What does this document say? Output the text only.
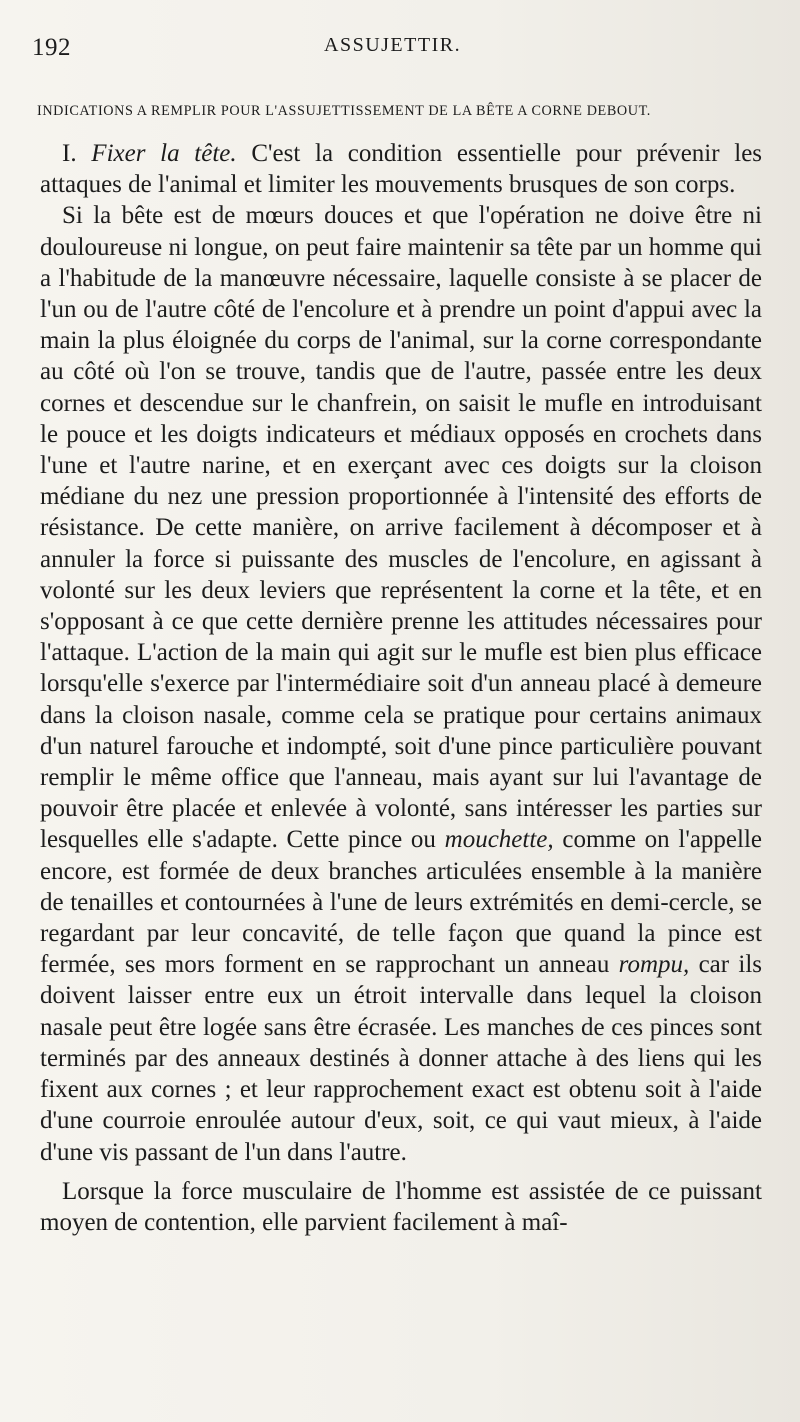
192	ASSUJETTIR.
INDICATIONS A REMPLIR POUR L'ASSUJETTISSEMENT DE LA BÊTE A CORNE DEBOUT.

I. Fixer la tête. C'est la condition essentielle pour prévenir les attaques de l'animal et limiter les mouvements brusques de son corps.

Si la bête est de mœurs douces et que l'opération ne doive être ni douloureuse ni longue, on peut faire maintenir sa tête par un homme qui a l'habitude de la manœuvre nécessaire, laquelle consiste à se placer de l'un ou de l'autre côté de l'encolure et à prendre un point d'appui avec la main la plus éloignée du corps de l'animal, sur la corne correspondante au côté où l'on se trouve, tandis que de l'autre, passée entre les deux cornes et descendue sur le chanfrein, on saisit le mufle en introduisant le pouce et les doigts indicateurs et médiaux opposés en crochets dans l'une et l'autre narine, et en exerçant avec ces doigts sur la cloison médiane du nez une pression proportionnée à l'intensité des efforts de résistance. De cette manière, on arrive facilement à décomposer et à annuler la force si puissante des muscles de l'encolure, en agissant à volonté sur les deux leviers que représentent la corne et la tête, et en s'opposant à ce que cette dernière prenne les attitudes nécessaires pour l'attaque. L'action de la main qui agit sur le mufle est bien plus efficace lorsqu'elle s'exerce par l'intermédiaire soit d'un anneau placé à demeure dans la cloison nasale, comme cela se pratique pour certains animaux d'un naturel farouche et indompté, soit d'une pince particulière pouvant remplir le même office que l'anneau, mais ayant sur lui l'avantage de pouvoir être placée et enlevée à volonté, sans intéresser les parties sur lesquelles elle s'adapte. Cette pince ou mouchette, comme on l'appelle encore, est formée de deux branches articulées ensemble à la manière de tenailles et contournées à l'une de leurs extrémités en demi-cercle, se regardant par leur concavité, de telle façon que quand la pince est fermée, ses mors forment en se rapprochant un anneau rompu, car ils doivent laisser entre eux un étroit intervalle dans lequel la cloison nasale peut être logée sans être écrasée. Les manches de ces pinces sont terminés par des anneaux destinés à donner attache à des liens qui les fixent aux cornes ; et leur rapprochement exact est obtenu soit à l'aide d'une courroie enroulée autour d'eux, soit, ce qui vaut mieux, à l'aide d'une vis passant de l'un dans l'autre.

Lorsque la force musculaire de l'homme est assistée de ce puissant moyen de contention, elle parvient facilement à maî-
